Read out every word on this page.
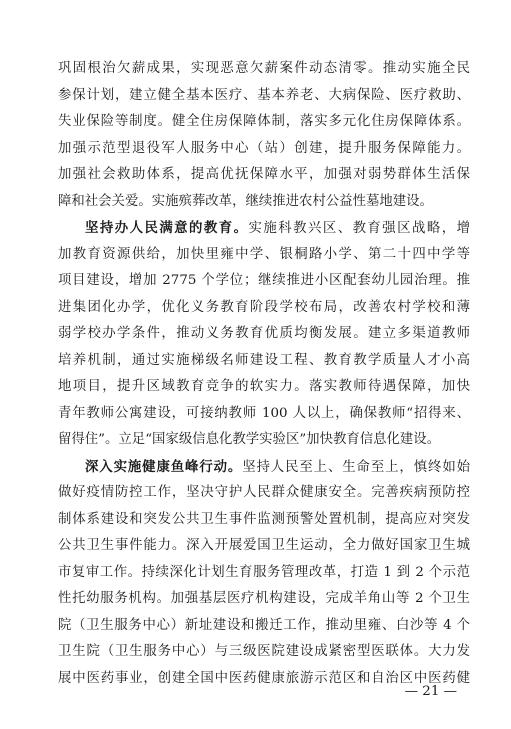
巩固根治欠薪成果，实现恶意欠薪案件动态清零。推动实施全民
参保计划，建立健全基本医疗、基本养老、大病保险、医疗救助、
失业保险等制度。健全住房保障体制，落实多元化住房保障体系。
加强示范型退役军人服务中心（站）创建，提升服务保障能力。
加强社会救助体系，提高优抚保障水平，加强对弱势群体生活保
障和社会关爱。实施殡葬改革，继续推进农村公益性墓地建设。
坚持办人民满意的教育。实施科教兴区、教育强区战略，增
加教育资源供给，加快里雍中学、银桐路小学、第二十四中学等
项目建设，增加 2775 个学位；继续推进小区配套幼儿园治理。推
进集团化办学，优化义务教育阶段学校布局，改善农村学校和薄
弱学校办学条件，推动义务教育优质均衡发展。建立多渠道教师
培养机制，通过实施梯级名师建设工程、教育教学质量人才小高
地项目，提升区域教育竞争的软实力。落实教师待遇保障，加快
青年教师公寓建设，可接纳教师 100 人以上，确保教师“招得来、
留得住”。立足“国家级信息化教学实验区”加快教育信息化建设。
深入实施健康鱼峰行动。坚持人民至上、生命至上，慎终如始
做好疫情防控工作，坚决守护人民群众健康安全。完善疾病预防控
制体系建设和突发公共卫生事件监测预警处置机制，提高应对突发
公共卫生事件能力。深入开展爱国卫生运动，全力做好国家卫生城
市复审工作。持续深化计划生育服务管理改革，打造 1 到 2 个示范
性托幼服务机构。加强基层医疗机构建设，完成羊角山等 2 个卫生
院（卫生服务中心）新址建设和搬迁工作，推动里雍、白沙等 4 个
卫生院（卫生服务中心）与三级医院建设成紧密型医联体。大力发
展中医药事业，创建全国中医药健康旅游示范区和自治区中医药健
— 21 —
